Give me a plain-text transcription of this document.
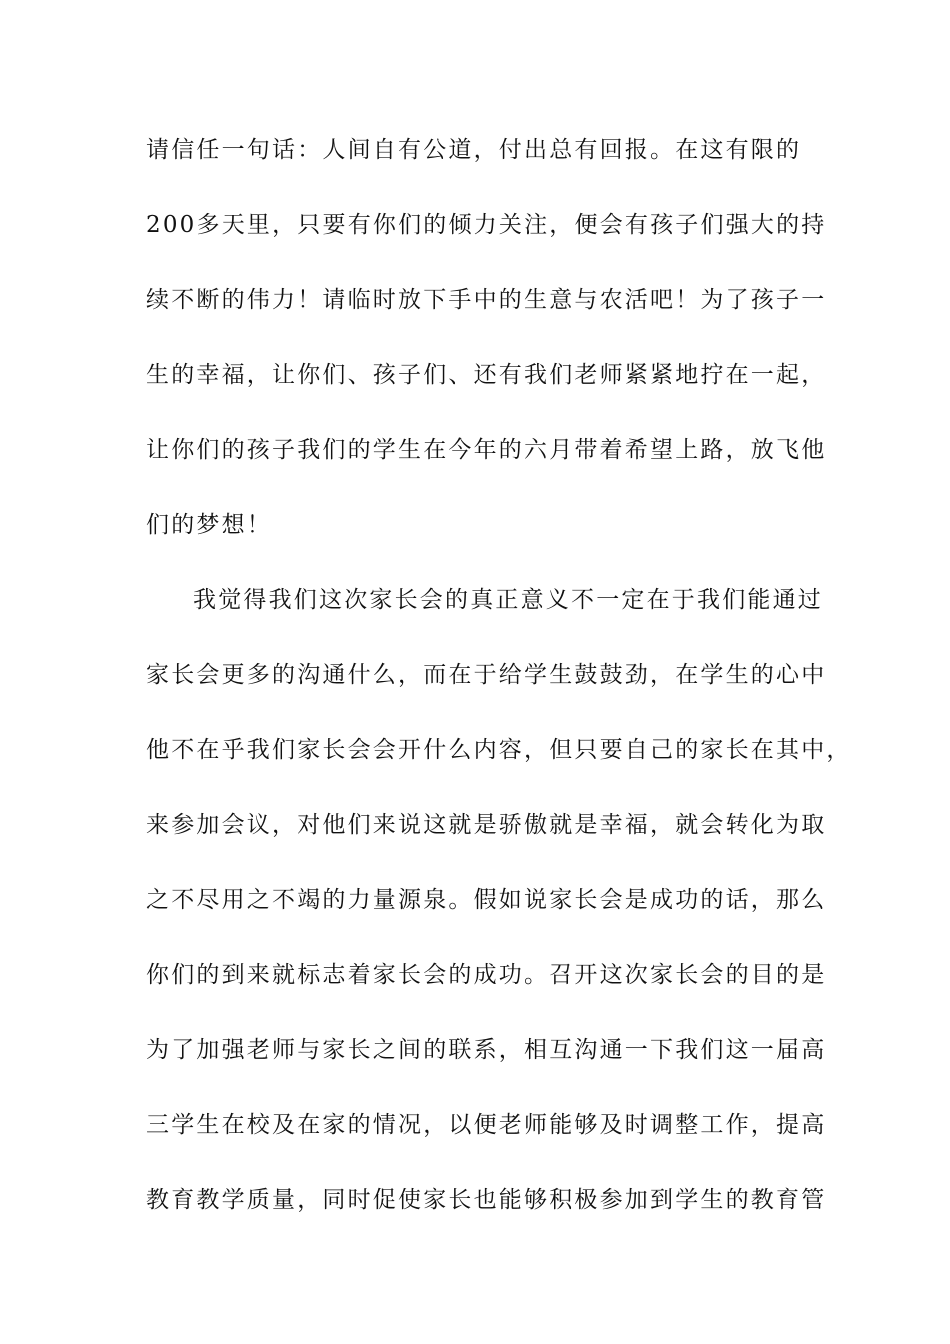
请信任一句话：人间自有公道，付出总有回报。在这有限的
200多天里，只要有你们的倾力关注，便会有孩子们强大的持
续不断的伟力！请临时放下手中的生意与农活吧！为了孩子一
生的幸福，让你们、孩子们、还有我们老师紧紧地拧在一起，
让你们的孩子我们的学生在今年的六月带着希望上路，放飞他
们的梦想！
我觉得我们这次家长会的真正意义不一定在于我们能通过
家长会更多的沟通什么，而在于给学生鼓鼓劲，在学生的心中
他不在乎我们家长会会开什么内容，但只要自己的家长在其中，
来参加会议，对他们来说这就是骄傲就是幸福，就会转化为取
之不尽用之不竭的力量源泉。假如说家长会是成功的话，那么
你们的到来就标志着家长会的成功。召开这次家长会的目的是
为了加强老师与家长之间的联系，相互沟通一下我们这一届高
三学生在校及在家的情况，以便老师能够及时调整工作，提高
教育教学质量，同时促使家长也能够积极参加到学生的教育管
